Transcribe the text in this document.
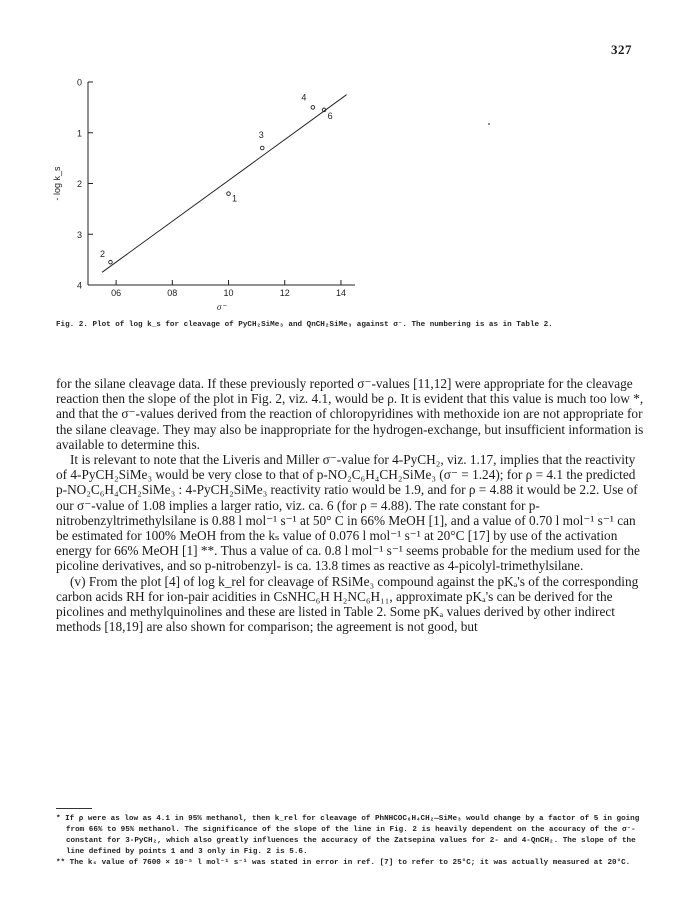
327
0
1
2
3
4
06	08	10	12	14
σ⁻
- log k_s	1
2
3
4
6
Fig. 2. Plot of log k_s for cleavage of PyCH₂SiMe₃ and QnCH₂SiMe₃ against σ⁻. The numbering is as in Table 2.

for the silane cleavage data. If these previously reported σ⁻-values [11,12] were appropriate for the cleavage reaction then the slope of the plot in Fig. 2, viz. 4.1, would be ρ. It is evident that this value is much too low *, and that the σ⁻-values derived from the reaction of chloropyridines with methoxide ion are not appropriate for the silane cleavage. They may also be inappropriate for the hydrogen-exchange, but insufficient information is available to determine this.

It is relevant to note that the Liveris and Miller σ⁻-value for 4-PyCH₂, viz. 1.17, implies that the reactivity of 4-PyCH₂SiMe₃ would be very close to that of p-NO₂C₆H₄CH₂SiMe₃ (σ⁻ = 1.24); for ρ = 4.1 the predicted p-NO₂C₆H₄CH₂SiMe₃ : 4-PyCH₂SiMe₃ reactivity ratio would be 1.9, and for ρ = 4.88 it would be 2.2. Use of our σ⁻-value of 1.08 implies a larger ratio, viz. ca. 6 (for ρ = 4.88). The rate constant for p-nitrobenzyltrimethylsilane is 0.88 l mol⁻¹ s⁻¹ at 50° C in 66% MeOH [1], and a value of 0.70 l mol⁻¹ s⁻¹ can be estimated for 100% MeOH from the kₛ value of 0.076 l mol⁻¹ s⁻¹ at 20°C [17] by use of the activation energy for 66% MeOH [1] **. Thus a value of ca. 0.8 l mol⁻¹ s⁻¹ seems probable for the medium used for the picoline derivatives, and so p-nitrobenzyl- is ca. 13.8 times as reactive as 4-picolyl-trimethylsilane.

(v) From the plot [4] of log k_rel for cleavage of RSiMe₃ compound against the pKₐ's of the corresponding carbon acids RH for ion-pair acidities in CsNHC₆H H₂NC₆H₁₁, approximate pKₐ's can be derived for the picolines and methylquinolines and these are listed in Table 2. Some pKₐ values derived by other indirect methods [18,19] are also shown for comparison; the agreement is not good, but

* If ρ were as low as 4.1 in 95% methanol, then k_rel for cleavage of PhNHCOC₆H₄CH₂—SiMe₃ would change by a factor of 5 in going from 66% to 95% methanol. The significance of the slope of the line in Fig. 2 is heavily dependent on the accuracy of the σ⁻-constant for 3-PyCH₂, which also greatly influences the accuracy of the Zatsepina values for 2- and 4-QnCH₂. The slope of the line defined by points 1 and 3 only in Fig. 2 is 5.6.
** The kₛ value of 7600 × 10⁻⁵ l mol⁻¹ s⁻¹ was stated in error in ref. [7] to refer to 25°C; it was actually measured at 20°C.
